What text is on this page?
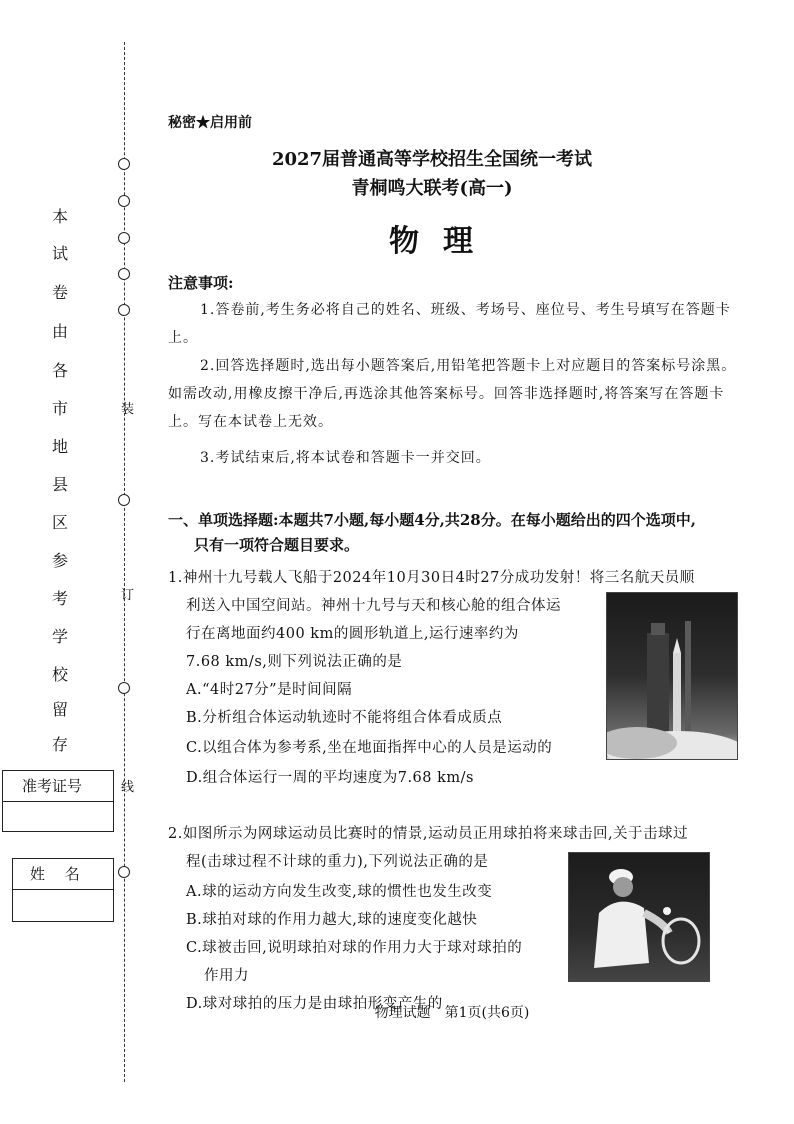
装
订
线
本
试
卷
由
各
市
地
县
区
参
考
学
校
留
存
准考证号
姓　 名
秘密★启用前
2027届普通高等学校招生全国统一考试
青桐鸣大联考(高一)
物理
注意事项:
1.答卷前,考生务必将自己的姓名、班级、考场号、座位号、考生号填写在答题卡上。
2.回答选择题时,选出每小题答案后,用铅笔把答题卡上对应题目的答案标号涂黑。如需改动,用橡皮擦干净后,再选涂其他答案标号。回答非选择题时,将答案写在答题卡上。写在本试卷上无效。
3.考试结束后,将本试卷和答题卡一并交回。
一、单项选择题:本题共7小题,每小题4分,共28分。在每小题给出的四个选项中,
只有一项符合题目要求。
1.神州十九号载人飞船于2024年10月30日4时27分成功发射！将三名航天员顺
利送入中国空间站。神州十九号与天和核心舱的组合体运
行在离地面约400 km的圆形轨道上,运行速率约为
7.68 km/s,则下列说法正确的是
A.“4时27分”是时间间隔
B.分析组合体运动轨迹时不能将组合体看成质点
C.以组合体为参考系,坐在地面指挥中心的人员是运动的
D.组合体运行一周的平均速度为7.68 km/s
2.如图所示为网球运动员比赛时的情景,运动员正用球拍将来球击回,关于击球过
程(击球过程不计球的重力),下列说法正确的是
A.球的运动方向发生改变,球的惯性也发生改变
B.球拍对球的作用力越大,球的速度变化越快
C.球被击回,说明球拍对球的作用力大于球对球拍的
作用力
D.球对球拍的压力是由球拍形变产生的
物理试题　第1页(共6页)
